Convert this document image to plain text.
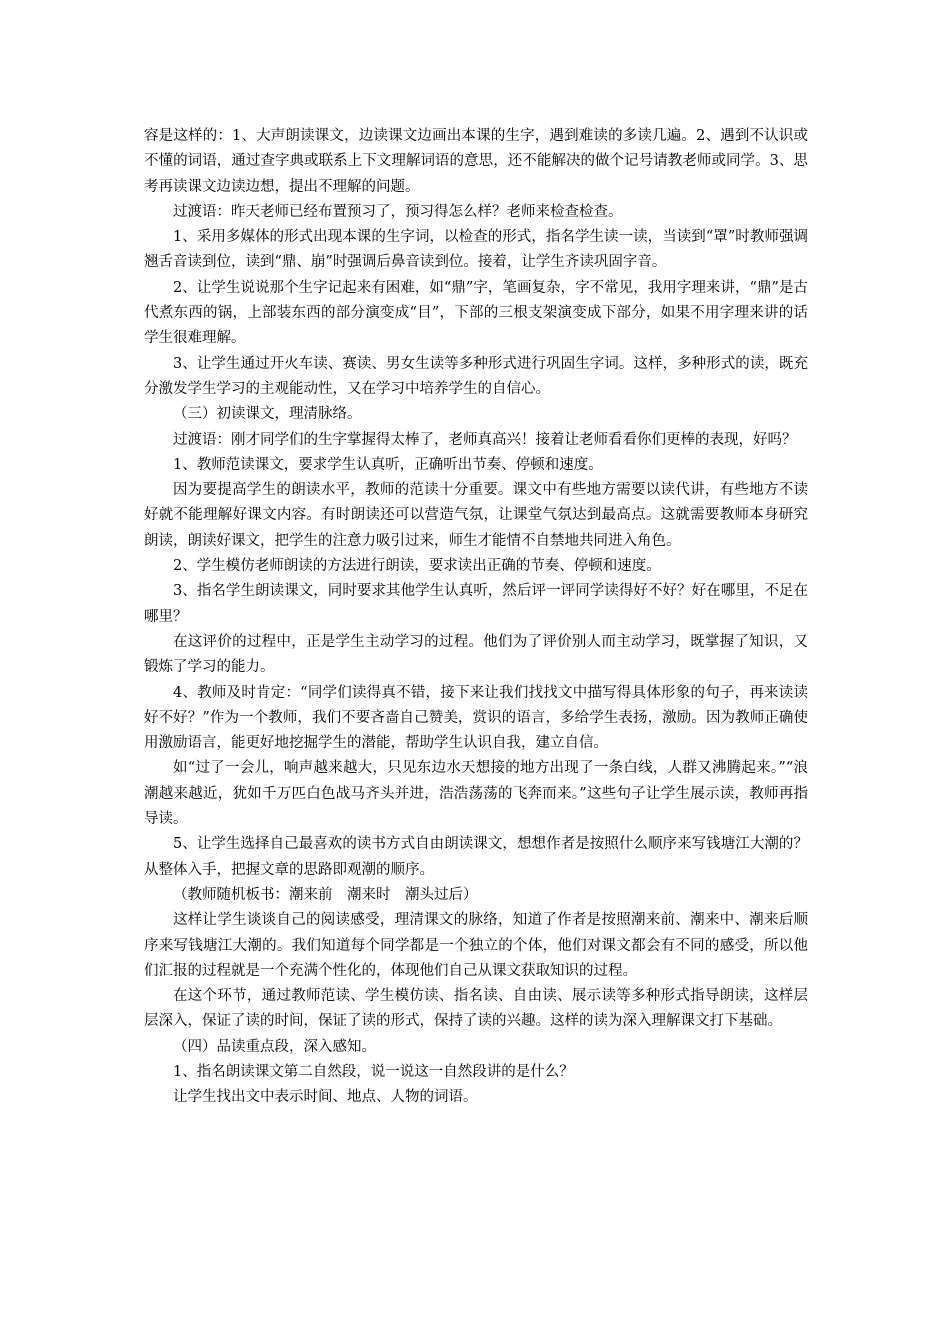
容是这样的：1、大声朗读课文，边读课文边画出本课的生字，遇到难读的多读几遍。2、遇到不认识或不懂的词语，通过查字典或联系上下文理解词语的意思，还不能解决的做个记号请教老师或同学。3、思考再读课文边读边想，提出不理解的问题。

过渡语：昨天老师已经布置预习了，预习得怎么样？老师来检查检查。

1、采用多媒体的形式出现本课的生字词，以检查的形式，指名学生读一读，当读到“罩”时教师强调翘舌音读到位，读到“鼎、崩”时强调后鼻音读到位。接着，让学生齐读巩固字音。

2、让学生说说那个生字记起来有困难，如“鼎”字，笔画复杂，字不常见，我用字理来讲，“鼎”是古代煮东西的锅，上部装东西的部分演变成“目”，下部的三根支架演变成下部分，如果不用字理来讲的话学生很难理解。

3、让学生通过开火车读、赛读、男女生读等多种形式进行巩固生字词。这样，多种形式的读，既充分激发学生学习的主观能动性，又在学习中培养学生的自信心。

（三）初读课文，理清脉络。

过渡语：刚才同学们的生字掌握得太棒了，老师真高兴！接着让老师看看你们更棒的表现，好吗？

1、教师范读课文，要求学生认真听，正确听出节奏、停顿和速度。

因为要提高学生的朗读水平，教师的范读十分重要。课文中有些地方需要以读代讲，有些地方不读好就不能理解好课文内容。有时朗读还可以营造气氛，让课堂气氛达到最高点。这就需要教师本身研究朗读，朗读好课文，把学生的注意力吸引过来，师生才能情不自禁地共同进入角色。

2、学生模仿老师朗读的方法进行朗读，要求读出正确的节奏、停顿和速度。

3、指名学生朗读课文，同时要求其他学生认真听，然后评一评同学读得好不好？好在哪里，不足在哪里？

在这评价的过程中，正是学生主动学习的过程。他们为了评价别人而主动学习，既掌握了知识，又锻炼了学习的能力。

4、教师及时肯定：“同学们读得真不错，接下来让我们找找文中描写得具体形象的句子，再来读读好不好？”作为一个教师，我们不要吝啬自己赞美，赏识的语言，多给学生表扬，激励。因为教师正确使用激励语言，能更好地挖掘学生的潜能，帮助学生认识自我，建立自信。

如“过了一会儿，响声越来越大，只见东边水天想接的地方出现了一条白线，人群又沸腾起来。”“浪潮越来越近，犹如千万匹白色战马齐头并进，浩浩荡荡的飞奔而来。”这些句子让学生展示读，教师再指导读。

5、让学生选择自己最喜欢的读书方式自由朗读课文，想想作者是按照什么顺序来写钱塘江大潮的？从整体入手，把握文章的思路即观潮的顺序。

（教师随机板书：潮来前　潮来时　潮头过后）

这样让学生谈谈自己的阅读感受，理清课文的脉络，知道了作者是按照潮来前、潮来中、潮来后顺序来写钱塘江大潮的。我们知道每个同学都是一个独立的个体，他们对课文都会有不同的感受，所以他们汇报的过程就是一个充满个性化的，体现他们自己从课文获取知识的过程。

在这个环节，通过教师范读、学生模仿读、指名读、自由读、展示读等多种形式指导朗读，这样层层深入，保证了读的时间，保证了读的形式，保持了读的兴趣。这样的读为深入理解课文打下基础。

（四）品读重点段，深入感知。

1、指名朗读课文第二自然段，说一说这一自然段讲的是什么？

让学生找出文中表示时间、地点、人物的词语。
